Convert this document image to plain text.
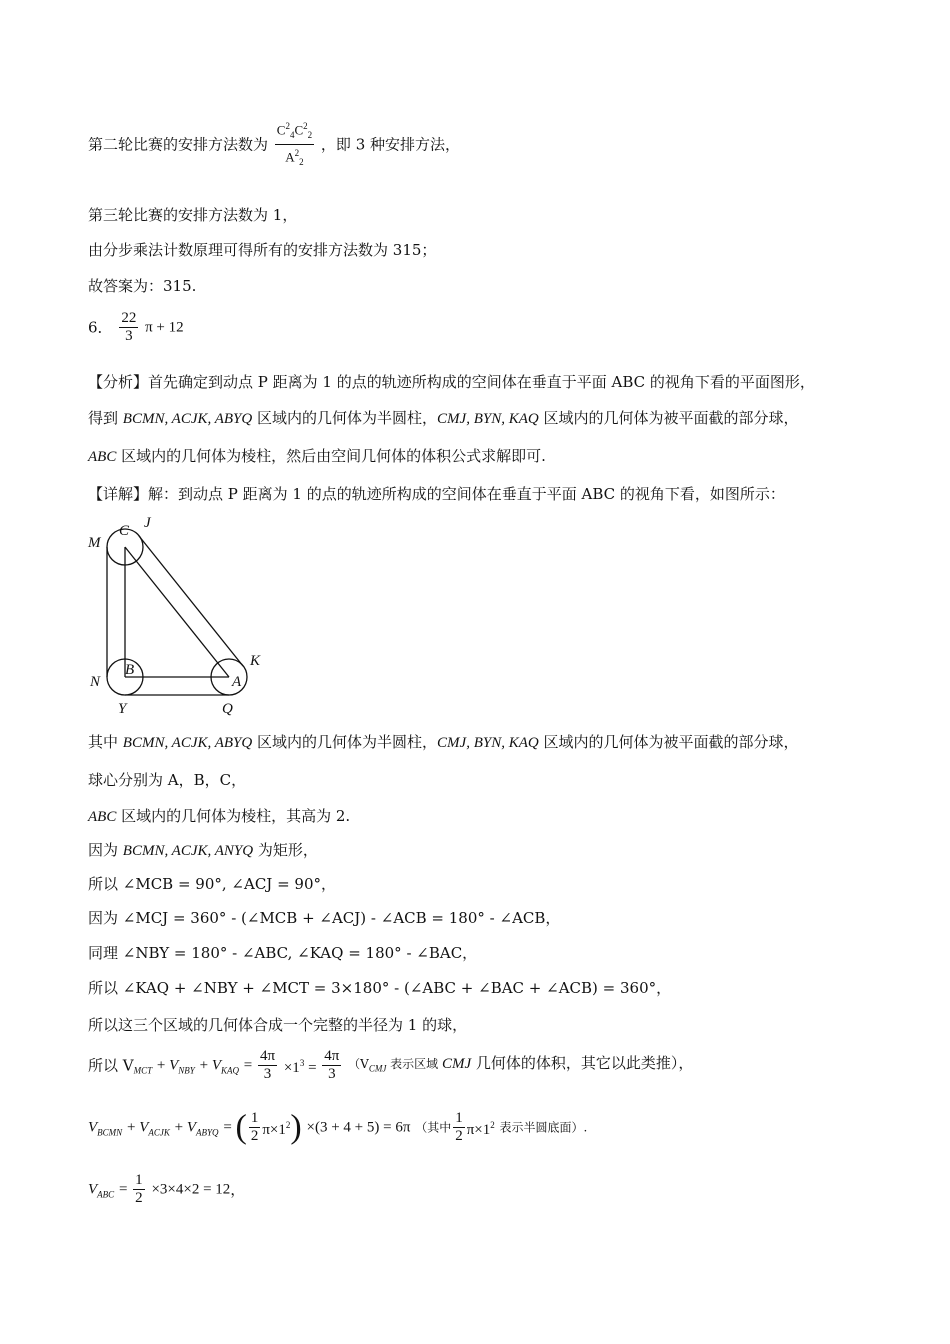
第二轮比赛的安排方法数为 $\frac{C^2_4C^2_2}{A^2_2}$ ，即 3 种安排方法，
第三轮比赛的安排方法数为 1，
由分步乘法计数原理可得所有的安排方法数为 315；
故答案为：315.
6． $\frac{22}{3}$ π + 12
【分析】首先确定到动点 P 距离为 1 的点的轨迹所构成的空间体在垂直于平面 ABC 的视角下看的平面图形，
得到 BCMN, ACJK, ABYQ 区域内的几何体为半圆柱，CMJ, BYN, KAQ 区域内的几何体为被平面截的部分球，
ABC 区域内的几何体为棱柱，然后由空间几何体的体积公式求解即可.
【详解】解：到动点 P 距离为 1 的点的轨迹所构成的空间体在垂直于平面 ABC 的视角下看，如图所示：
M
C J
N
B
Y	Q
A
K
其中 BCMN, ACJK, ABYQ 区域内的几何体为半圆柱，CMJ, BYN, KAQ 区域内的几何体为被平面截的部分球，
球心分别为 A，B，C，
ABC 区域内的几何体为棱柱，其高为 2.
因为 BCMN, ACJK, ANYQ 为矩形，
所以 ∠MCB = 90°, ∠ACJ = 90°，
因为 ∠MCJ = 360° - (∠MCB + ∠ACJ) - ∠ACB = 180° - ∠ACB，
同理 ∠NBY = 180° - ∠ABC, ∠KAQ = 180° - ∠BAC，
所以 ∠KAQ + ∠NBY + ∠MCT = 3×180° - (∠ABC + ∠BAC + ∠ACB) = 360°，
所以这三个区域的几何体合成一个完整的半径为 1 的球，
所以 $V_{MCT} + V_{NBY} + V_{KAQ} = \frac{4\pi}{3} \times 1^3 = \frac{4\pi}{3} (V_{CMJ}$ 表示区域 CMJ 几何体的体积，其它以此类推），
$V_{BCMN} + V_{ACJK} + V_{ABYQ}$ = ( $\frac{1}{2} \pi\times 1^2) \times(3 + 4 + 5) = 6\pi$ （其中 $\frac{1}{2} \pi\times 1^2$ 表示半圆底面）.
$V_{ABC} = \frac{1}{2} \times 3\times 4\times 2 = 12$，
